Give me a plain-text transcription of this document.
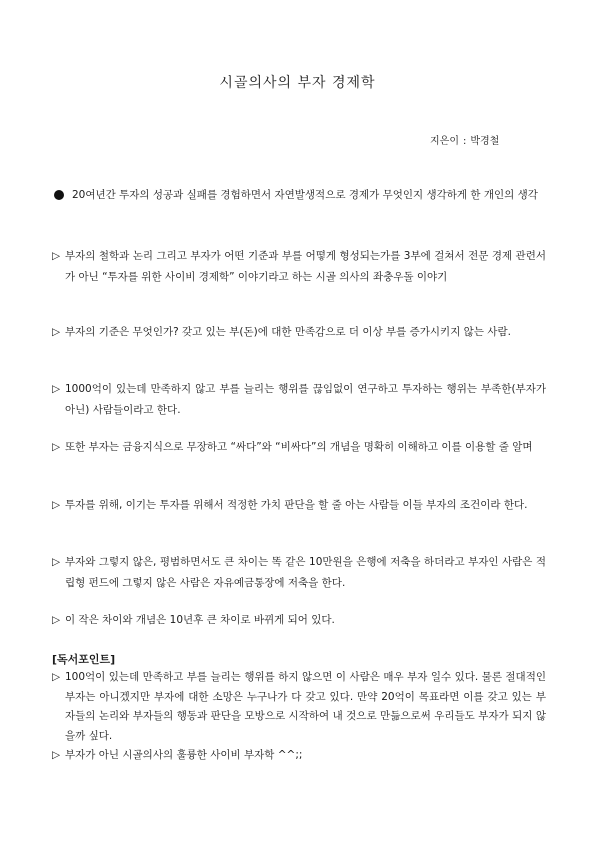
시골의사의 부자 경제학
지은이 : 박경철
20여년간 투자의 성공과 실패를 경험하면서 자연발생적으로 경제가 무엇인지 생각하게 한 개인의 생각
▷ 부자의 철학과 논리 그리고 부자가 어떤 기준과 부를 어떻게 형성되는가를 3부에 걸쳐서 전문 경제 관련서가 아닌 “투자를 위한 사이비 경제학” 이야기라고 하는 시골 의사의 좌충우돌 이야기
▷ 부자의 기준은 무엇인가? 갖고 있는 부(돈)에 대한 만족감으로 더 이상 부를 증가시키지 않는 사람.
▷ 1000억이 있는데 만족하지 않고 부를 늘리는 행위를 끊임없이 연구하고 투자하는 행위는 부족한(부자가 아닌) 사람들이라고 한다.
▷ 또한 부자는 금융지식으로 무장하고 “싸다”와 “비싸다”의 개념을 명확히 이해하고 이를 이용할 줄 알며
▷ 투자를 위해, 이기는 투자를 위해서 적정한 가치 판단을 할 줄 아는 사람들 이들 부자의 조건이라 한다.
▷ 부자와 그렇지 않은, 평범하면서도 큰 차이는 똑 같은 10만원을 은행에 저축을 하더라고 부자인 사람은 적립형 펀드에 그렇지 않은 사람은 자유예금통장에 저축을 한다.
▷ 이 작은 차이와 개념은 10년후 큰 차이로 바뀌게 되어 있다.
[독서포인트]
▷ 100억이 있는데 만족하고 부를 늘리는 행위를 하지 않으면 이 사람은 매우 부자 일수 있다. 물론 절대적인 부자는 아니겠지만 부자에 대한 소망은 누구나가 다 갖고 있다. 만약 20억이 목표라면 이를 갖고 있는 부자들의 논리와 부자들의 행동과 판단을 모방으로 시작하여 내 것으로 만듦으로써 우리들도 부자가 되지 않을까 싶다.
▷ 부자가 아닌 시골의사의 훌륭한 사이비 부자학 ^^;;
